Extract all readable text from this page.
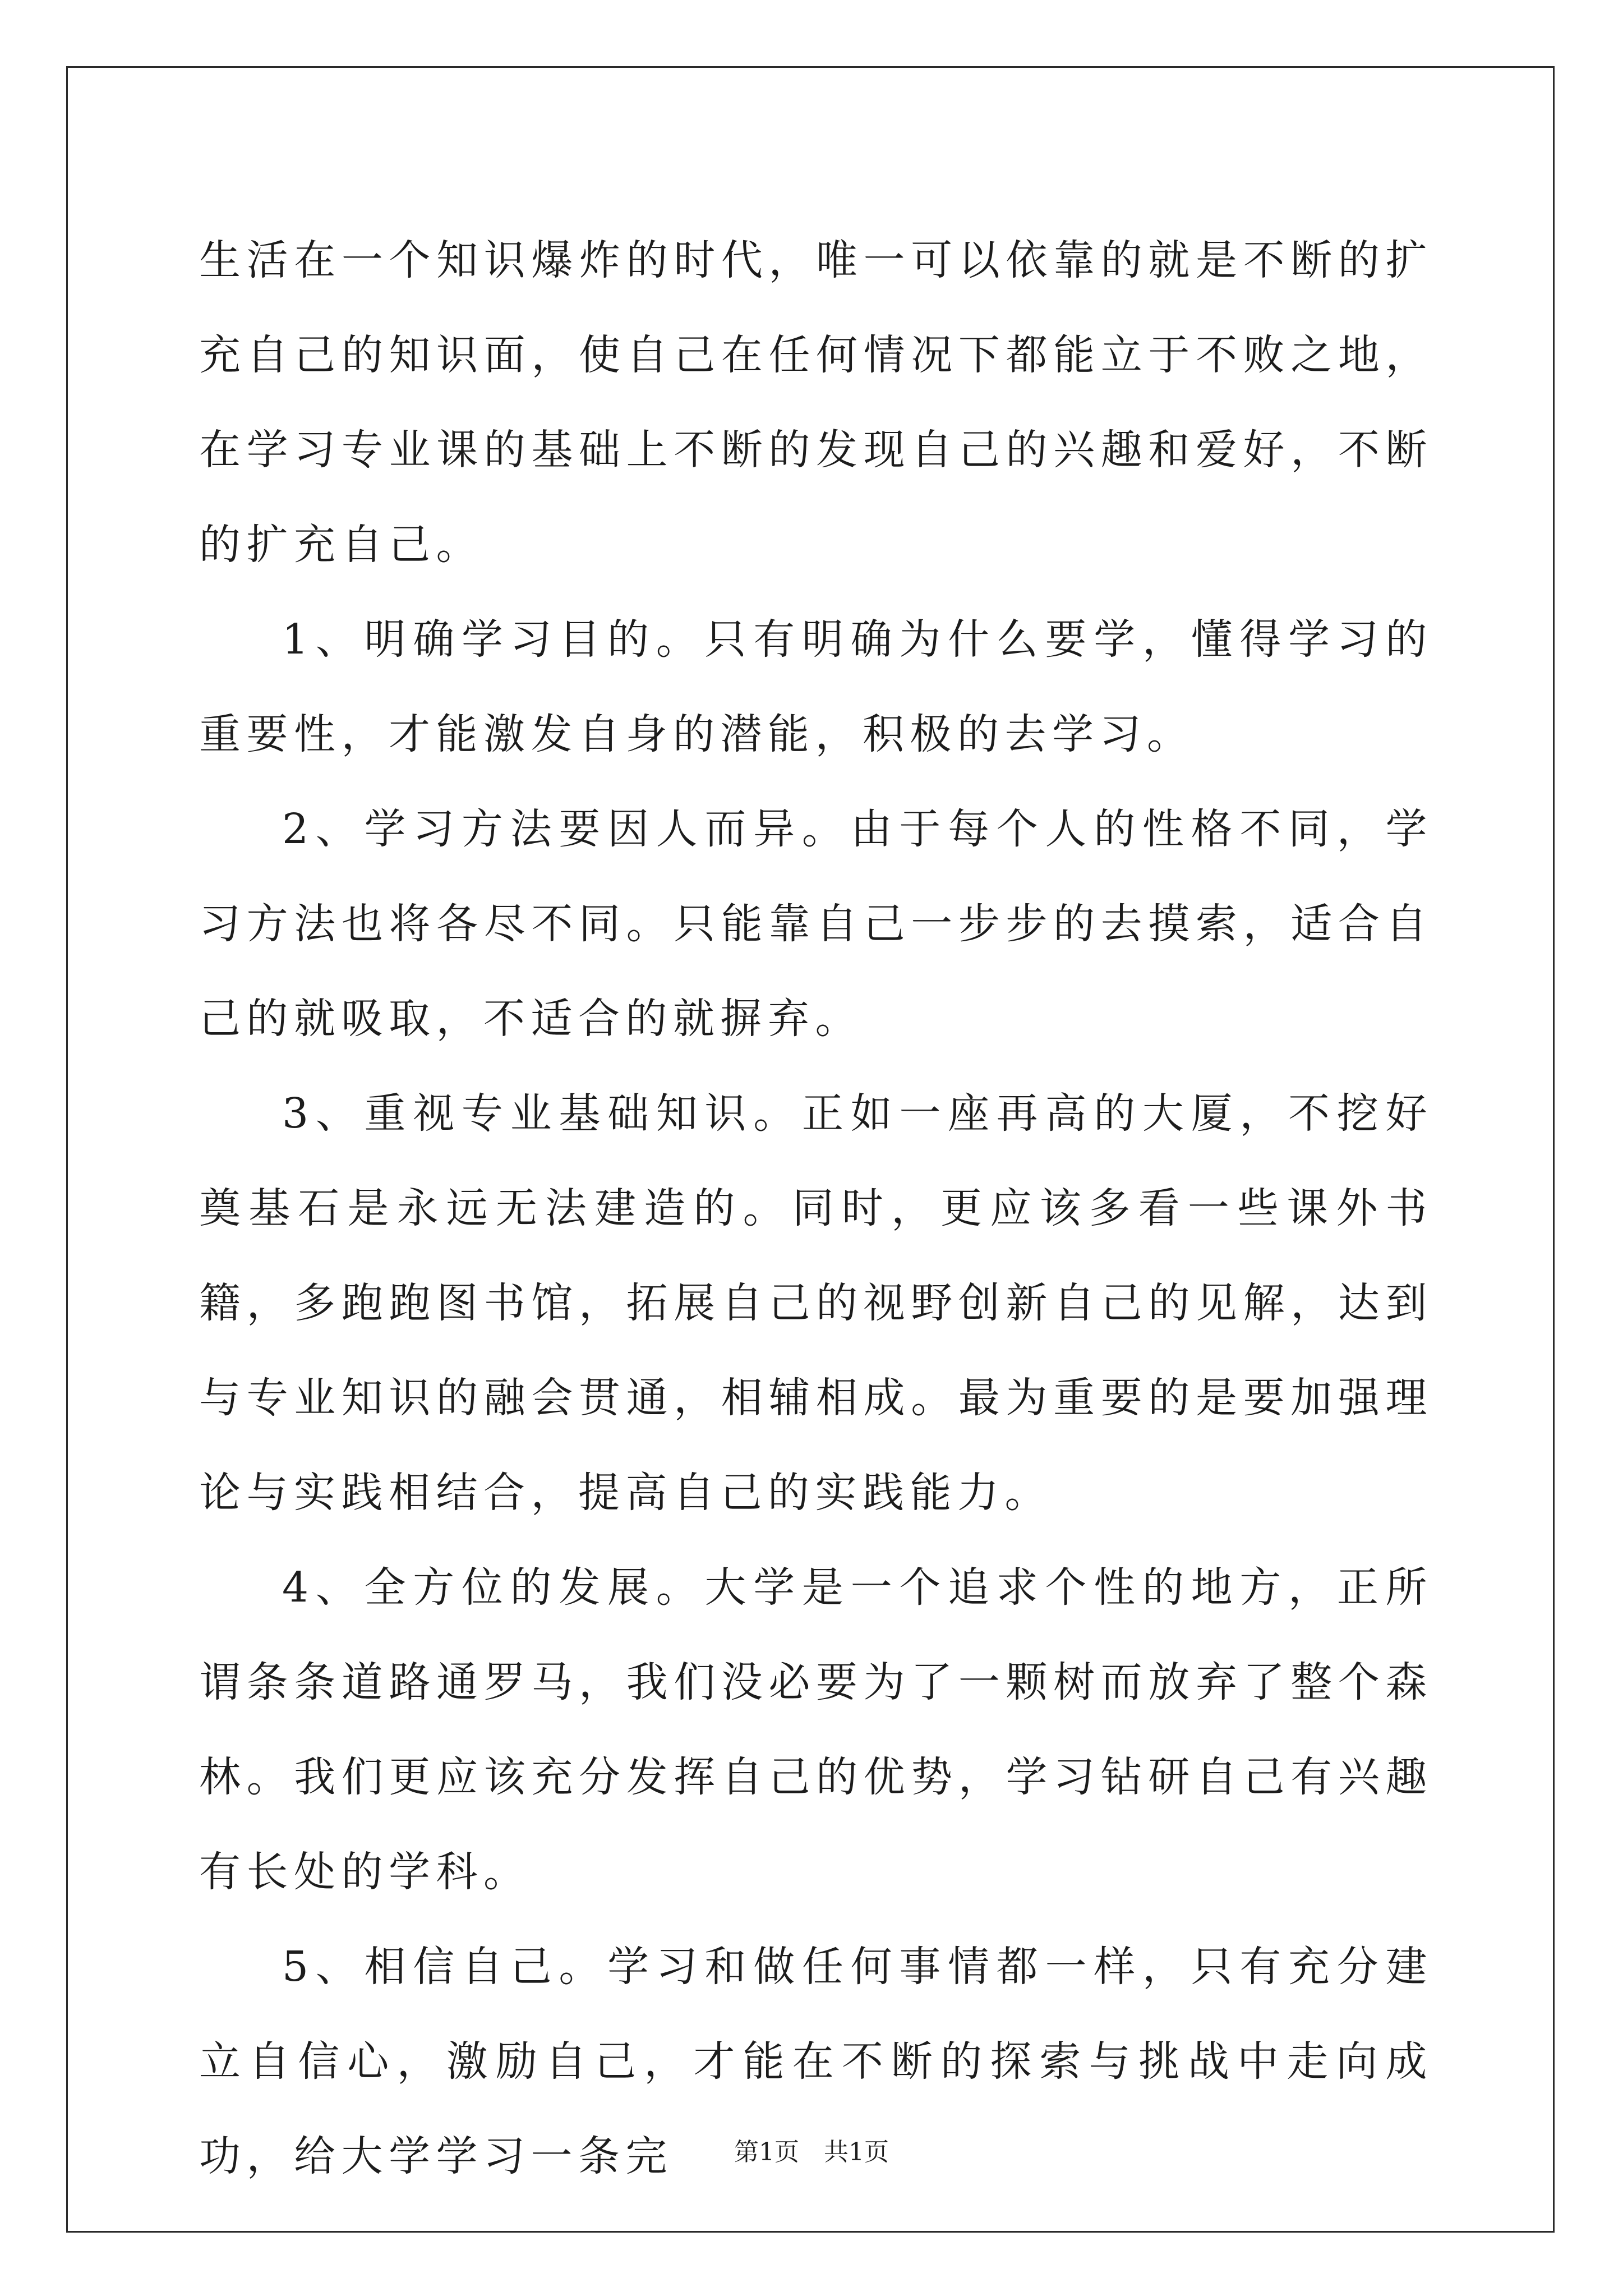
生活在一个知识爆炸的时代，唯一可以依靠的就是不断的扩充自己的知识面，使自己在任何情况下都能立于不败之地，在学习专业课的基础上不断的发现自己的兴趣和爱好，不断的扩充自己。

1、明确学习目的。只有明确为什么要学，懂得学习的重要性，才能激发自身的潜能，积极的去学习。

2、学习方法要因人而异。由于每个人的性格不同，学习方法也将各尽不同。只能靠自己一步步的去摸索，适合自己的就吸取，不适合的就摒弃。

3、重视专业基础知识。正如一座再高的大厦，不挖好奠基石是永远无法建造的。同时，更应该多看一些课外书籍，多跑跑图书馆，拓展自己的视野创新自己的见解，达到与专业知识的融会贯通，相辅相成。最为重要的是要加强理论与实践相结合，提高自己的实践能力。

4、全方位的发展。大学是一个追求个性的地方，正所谓条条道路通罗马，我们没必要为了一颗树而放弃了整个森林。我们更应该充分发挥自己的优势，学习钻研自己有兴趣有长处的学科。

5、相信自己。学习和做任何事情都一样，只有充分建立自信心，激励自己，才能在不断的探索与挑战中走向成功，给大学学习一条完	第1页 共1页
